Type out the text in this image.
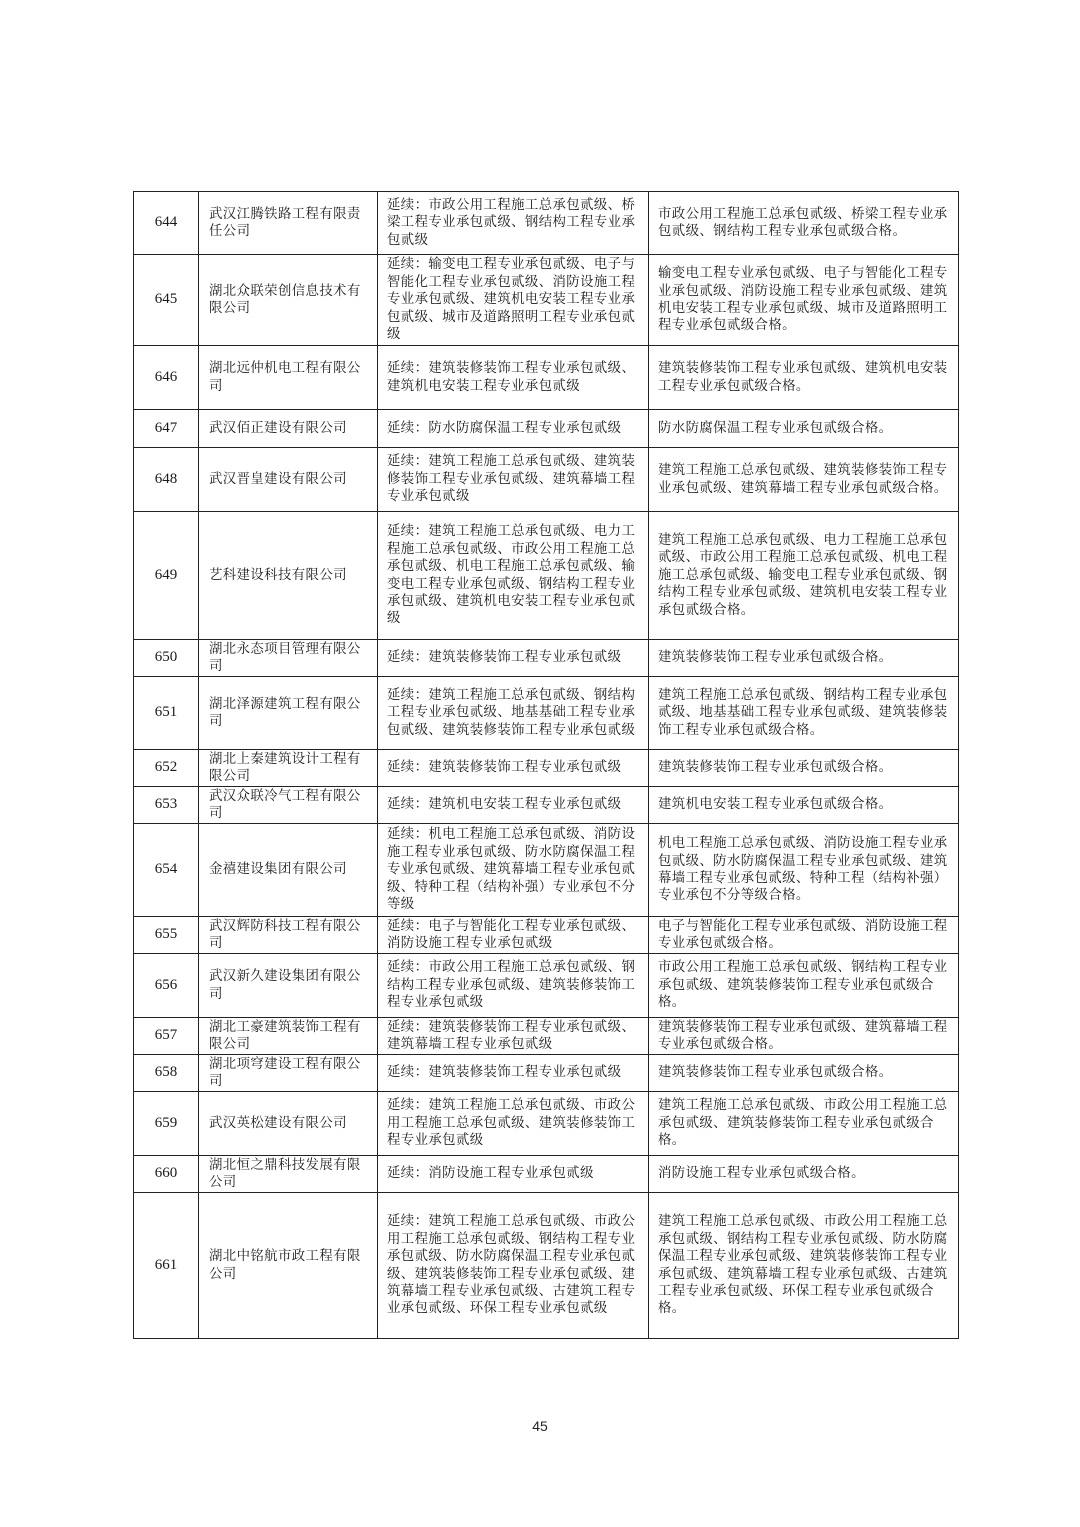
644	武汉江腾铁路工程有限责任公司	延续：市政公用工程施工总承包贰级、桥梁工程专业承包贰级、钢结构工程专业承包贰级	市政公用工程施工总承包贰级、桥梁工程专业承包贰级、钢结构工程专业承包贰级合格。
645	湖北众联荣创信息技术有限公司	延续：输变电工程专业承包贰级、电子与智能化工程专业承包贰级、消防设施工程专业承包贰级、建筑机电安装工程专业承包贰级、城市及道路照明工程专业承包贰级	输变电工程专业承包贰级、电子与智能化工程专业承包贰级、消防设施工程专业承包贰级、建筑机电安装工程专业承包贰级、城市及道路照明工程专业承包贰级合格。
646	湖北远仲机电工程有限公司	延续：建筑装修装饰工程专业承包贰级、建筑机电安装工程专业承包贰级	建筑装修装饰工程专业承包贰级、建筑机电安装工程专业承包贰级合格。
647	武汉佰正建设有限公司	延续：防水防腐保温工程专业承包贰级	防水防腐保温工程专业承包贰级合格。
648	武汉晋皇建设有限公司	延续：建筑工程施工总承包贰级、建筑装修装饰工程专业承包贰级、建筑幕墙工程专业承包贰级	建筑工程施工总承包贰级、建筑装修装饰工程专业承包贰级、建筑幕墙工程专业承包贰级合格。
649	艺科建设科技有限公司	延续：建筑工程施工总承包贰级、电力工程施工总承包贰级、市政公用工程施工总承包贰级、机电工程施工总承包贰级、输变电工程专业承包贰级、钢结构工程专业承包贰级、建筑机电安装工程专业承包贰级	建筑工程施工总承包贰级、电力工程施工总承包贰级、市政公用工程施工总承包贰级、机电工程施工总承包贰级、输变电工程专业承包贰级、钢结构工程专业承包贰级、建筑机电安装工程专业承包贰级合格。
650	湖北永态项目管理有限公司	延续：建筑装修装饰工程专业承包贰级	建筑装修装饰工程专业承包贰级合格。
651	湖北泽源建筑工程有限公司	延续：建筑工程施工总承包贰级、钢结构工程专业承包贰级、地基基础工程专业承包贰级、建筑装修装饰工程专业承包贰级	建筑工程施工总承包贰级、钢结构工程专业承包贰级、地基基础工程专业承包贰级、建筑装修装饰工程专业承包贰级合格。
652	湖北上秦建筑设计工程有限公司	延续：建筑装修装饰工程专业承包贰级	建筑装修装饰工程专业承包贰级合格。
653	武汉众联冷气工程有限公司	延续：建筑机电安装工程专业承包贰级	建筑机电安装工程专业承包贰级合格。
654	金禧建设集团有限公司	延续：机电工程施工总承包贰级、消防设施工程专业承包贰级、防水防腐保温工程专业承包贰级、建筑幕墙工程专业承包贰级、特种工程（结构补强）专业承包不分等级	机电工程施工总承包贰级、消防设施工程专业承包贰级、防水防腐保温工程专业承包贰级、建筑幕墙工程专业承包贰级、特种工程（结构补强）专业承包不分等级合格。
655	武汉辉防科技工程有限公司	延续：电子与智能化工程专业承包贰级、消防设施工程专业承包贰级	电子与智能化工程专业承包贰级、消防设施工程专业承包贰级合格。
656	武汉新久建设集团有限公司	延续：市政公用工程施工总承包贰级、钢结构工程专业承包贰级、建筑装修装饰工程专业承包贰级	市政公用工程施工总承包贰级、钢结构工程专业承包贰级、建筑装修装饰工程专业承包贰级合格。
657	湖北工豪建筑装饰工程有限公司	延续：建筑装修装饰工程专业承包贰级、建筑幕墙工程专业承包贰级	建筑装修装饰工程专业承包贰级、建筑幕墙工程专业承包贰级合格。
658	湖北项穹建设工程有限公司	延续：建筑装修装饰工程专业承包贰级	建筑装修装饰工程专业承包贰级合格。
659	武汉英松建设有限公司	延续：建筑工程施工总承包贰级、市政公用工程施工总承包贰级、建筑装修装饰工程专业承包贰级	建筑工程施工总承包贰级、市政公用工程施工总承包贰级、建筑装修装饰工程专业承包贰级合格。
660	湖北恒之鼎科技发展有限公司	延续：消防设施工程专业承包贰级	消防设施工程专业承包贰级合格。
661	湖北中铭航市政工程有限公司	延续：建筑工程施工总承包贰级、市政公用工程施工总承包贰级、钢结构工程专业承包贰级、防水防腐保温工程专业承包贰级、建筑装修装饰工程专业承包贰级、建筑幕墙工程专业承包贰级、古建筑工程专业承包贰级、环保工程专业承包贰级	建筑工程施工总承包贰级、市政公用工程施工总承包贰级、钢结构工程专业承包贰级、防水防腐保温工程专业承包贰级、建筑装修装饰工程专业承包贰级、建筑幕墙工程专业承包贰级、古建筑工程专业承包贰级、环保工程专业承包贰级合格。
45
